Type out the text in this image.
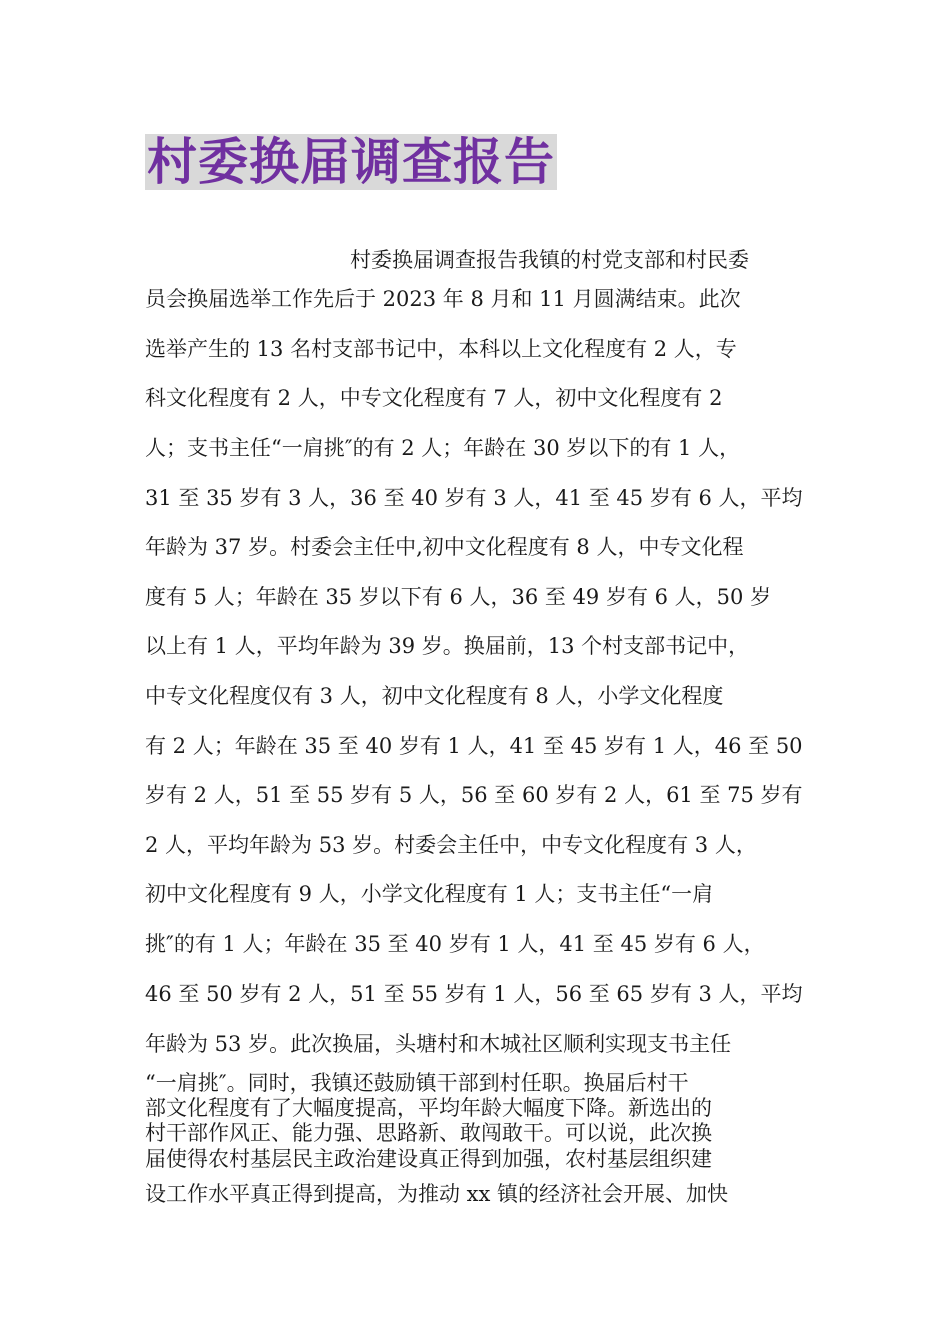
村委换届调查报告
村委换届调查报告我镇的村党支部和村民委
员会换届选举工作先后于 2023 年 8 月和 11 月圆满结束。此次
选举产生的 13 名村支部书记中，本科以上文化程度有 2 人，专
科文化程度有 2 人，中专文化程度有 7 人，初中文化程度有 2
人；支书主任“一肩挑″的有 2 人；年龄在 30 岁以下的有 1 人，
31 至 35 岁有 3 人，36 至 40 岁有 3 人，41 至 45 岁有 6 人，平均
年龄为 37 岁。村委会主任中,初中文化程度有 8 人，中专文化程
度有 5 人；年龄在 35 岁以下有 6 人，36 至 49 岁有 6 人，50 岁
以上有 1 人，平均年龄为 39 岁。换届前，13 个村支部书记中，
中专文化程度仅有 3 人，初中文化程度有 8 人，小学文化程度
有 2 人；年龄在 35 至 40 岁有 1 人，41 至 45 岁有 1 人，46 至 50
岁有 2 人，51 至 55 岁有 5 人，56 至 60 岁有 2 人，61 至 75 岁有
2 人，平均年龄为 53 岁。村委会主任中，中专文化程度有 3 人，
初中文化程度有 9 人，小学文化程度有 1 人；支书主任“一肩
挑″的有 1 人；年龄在 35 至 40 岁有 1 人，41 至 45 岁有 6 人，
46 至 50 岁有 2 人，51 至 55 岁有 1 人，56 至 65 岁有 3 人，平均
年龄为 53 岁。此次换届，头塘村和木城社区顺利实现支书主任
“一肩挑″。同时，我镇还鼓励镇干部到村任职。换届后村干
部文化程度有了大幅度提高，平均年龄大幅度下降。新选出的
村干部作风正、能力强、思路新、敢闯敢干。可以说，此次换
届使得农村基层民主政治建设真正得到加强，农村基层组织建
设工作水平真正得到提高，为推动 xx 镇的经济社会开展、加快
